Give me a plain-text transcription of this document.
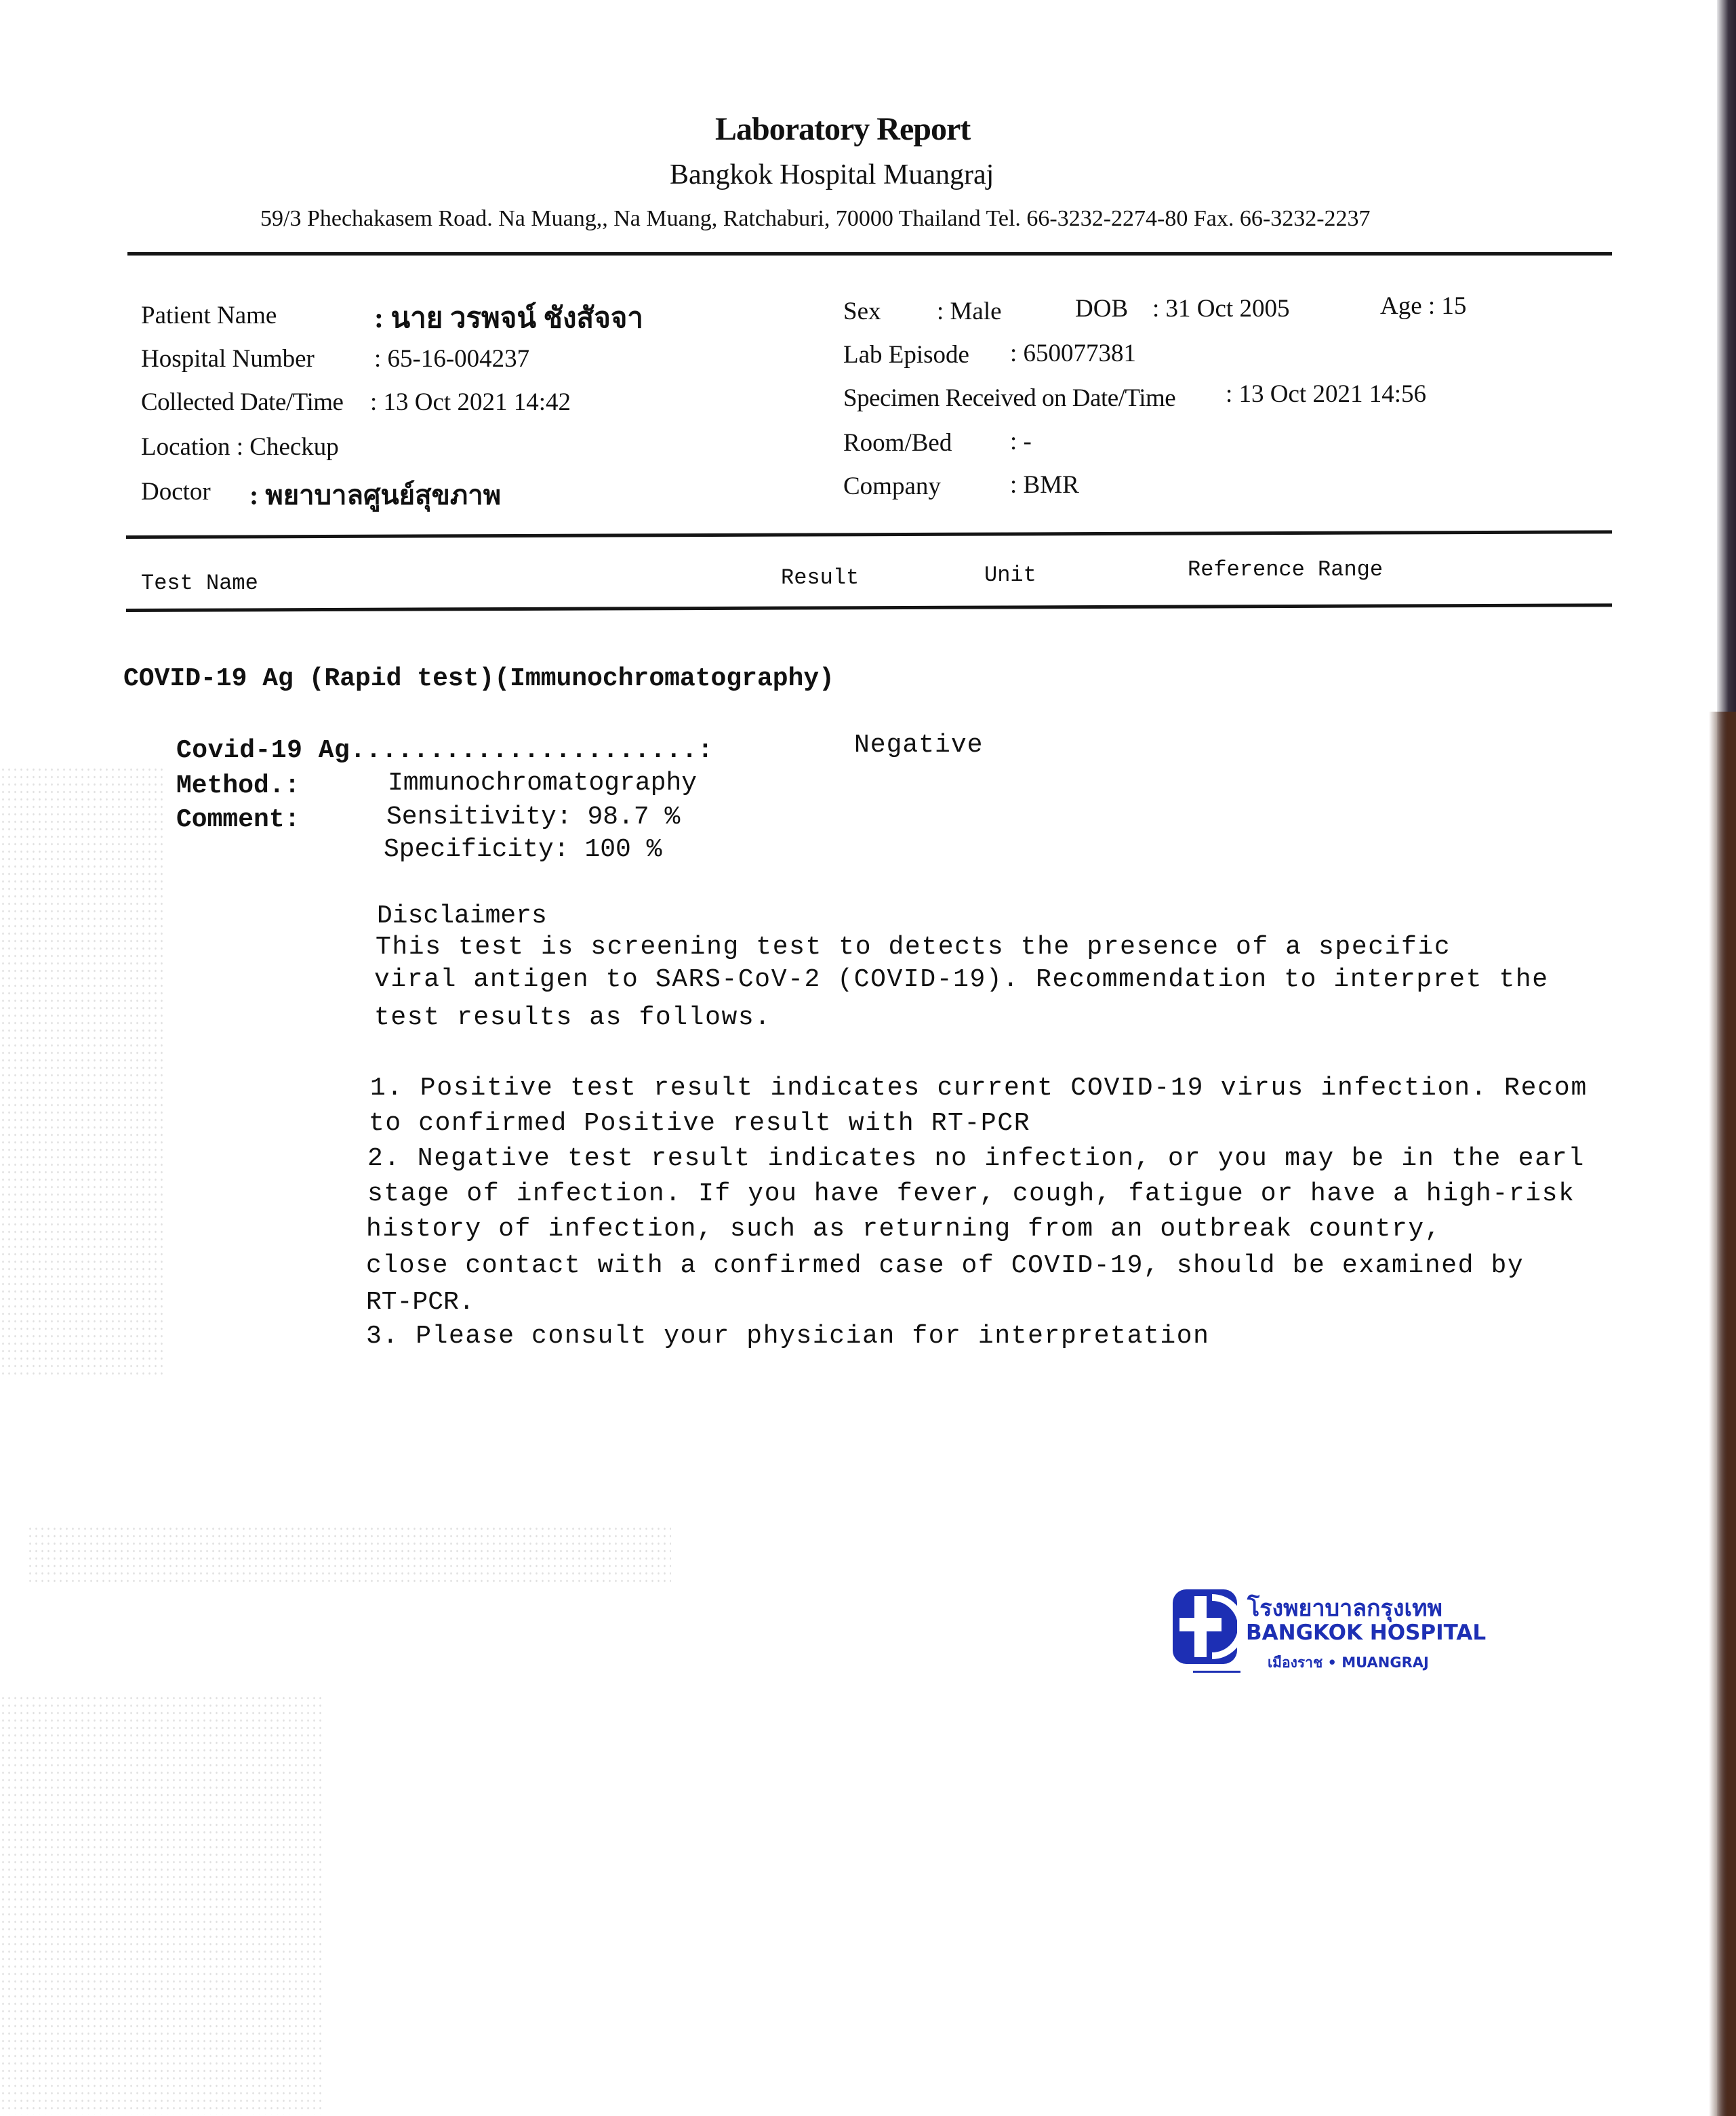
Laboratory Report
Bangkok Hospital Muangraj
59/3 Phechakasem Road. Na Muang,, Na Muang, Ratchaburi, 70000 Thailand Tel. 66-3232-2274-80 Fax. 66-3232-2237
Patient Name	: นาย วรพจน์ ชังสัจจา
Hospital Number : 65-16-004237
Collected Date/Time : 13 Oct 2021 14:42
Location : Checkup
Doctor : พยาบาลศูนย์สุขภาพ
Sex : Male	DOB : 31 Oct 2005	Age : 15
Lab Episode : 650077381
Specimen Received on Date/Time : 13 Oct 2021 14:56
Room/Bed : -
Company	: BMR
Test Name	Result	Unit	Reference Range
COVID-19 Ag (Rapid test)(Immunochromatography)
Covid-19 Ag......................:	Negative
Method.:	Immunochromatography
Comment:	Sensitivity: 98.7 %
Specificity: 100 %
Disclaimers
This test is screening test to detects the presence of a specific
viral antigen to SARS-CoV-2 (COVID-19). Recommendation to interpret the
test results as follows.
1. Positive test result indicates current COVID-19 virus infection. Recom
to confirmed Positive result with RT-PCR
2. Negative test result indicates no infection, or you may be in the earl
stage of infection. If you have fever, cough, fatigue or have a high-risk
history of infection, such as returning from an outbreak country,
close contact with a confirmed case of COVID-19, should be examined by
RT-PCR.
3. Please consult your physician for interpretation
โรงพยาบาลกรุงเทพ
BANGKOK HOSPITAL
เมืองราช • MUANGRAJ
